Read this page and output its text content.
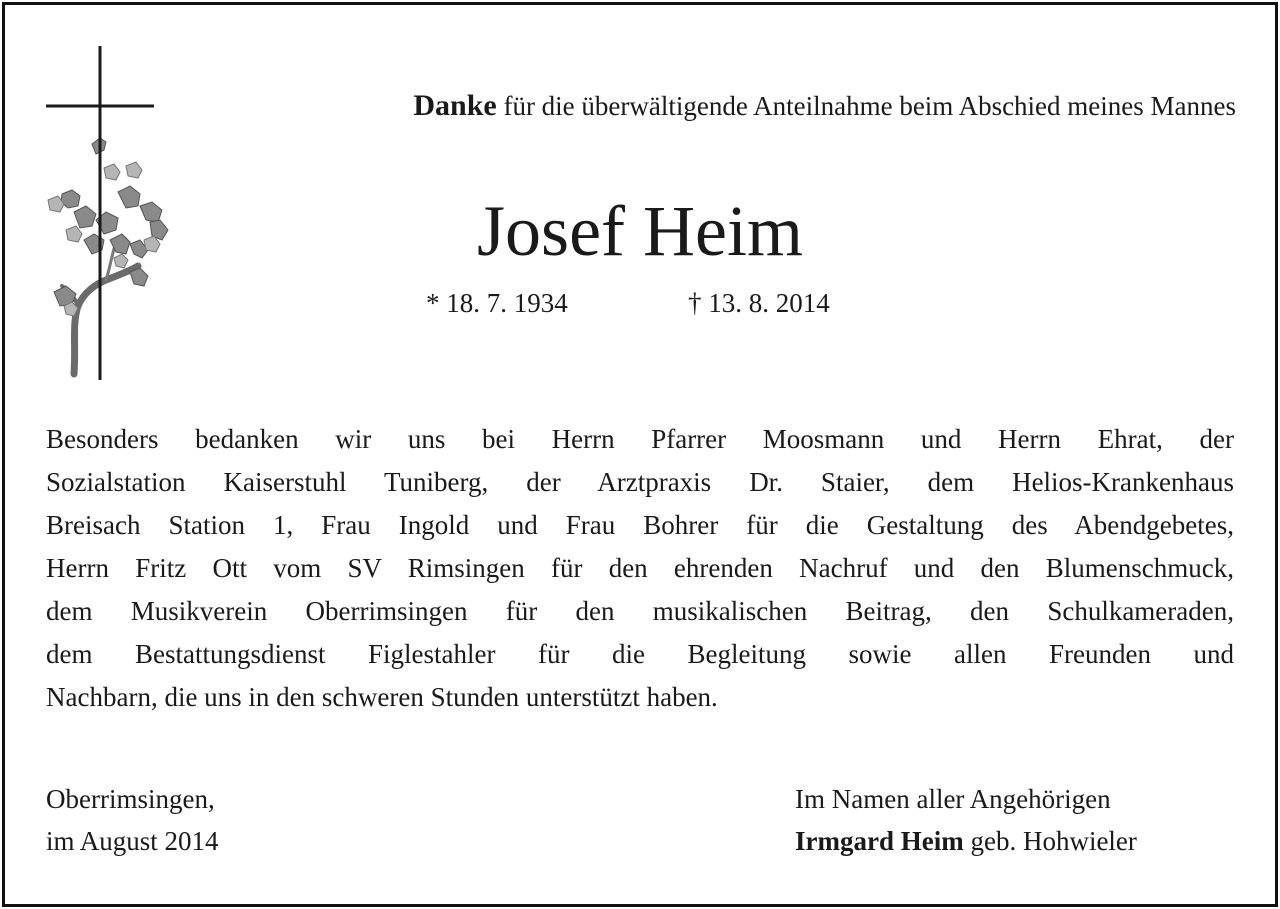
Danke für die überwältigende Anteilnahme beim Abschied meines Mannes
Josef Heim
* 18. 7. 1934	† 13. 8. 2014
Besonders bedanken wir uns bei Herrn Pfarrer Moosmann und Herrn Ehrat, der
Sozialstation Kaiserstuhl Tuniberg, der Arztpraxis Dr. Staier, dem Helios-Krankenhaus
Breisach Station 1, Frau Ingold und Frau Bohrer für die Gestaltung des Abendgebetes,
Herrn Fritz Ott vom SV Rimsingen für den ehrenden Nachruf und den Blumenschmuck,
dem Musikverein Oberrimsingen für den musikalischen Beitrag, den Schulkameraden,
dem Bestattungsdienst Figlestahler für die Begleitung sowie allen Freunden und
Nachbarn, die uns in den schweren Stunden unterstützt haben.
Oberrimsingen,
im August 2014
Im Namen aller Angehörigen
Irmgard Heim geb. Hohwieler
